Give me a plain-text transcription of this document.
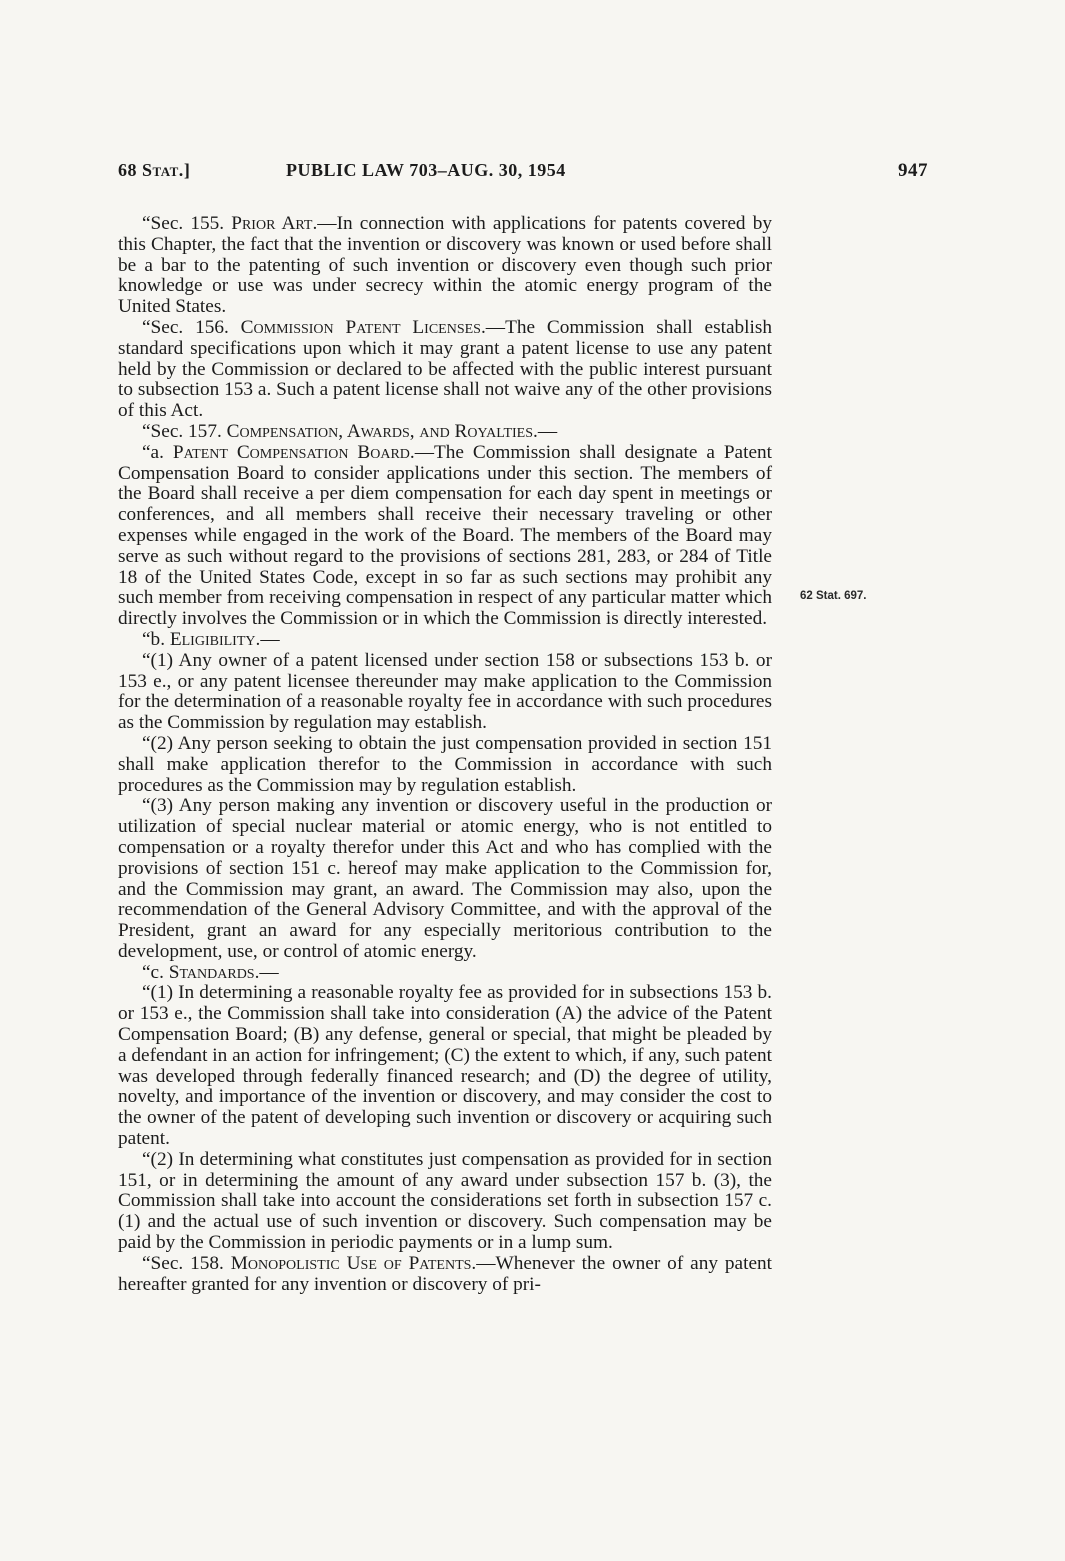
68 Stat.]	PUBLIC LAW 703–AUG. 30, 1954	947

“Sec. 155. Prior Art.—In connection with applications for patents covered by this Chapter, the fact that the invention or discovery was known or used before shall be a bar to the patenting of such invention or discovery even though such prior knowledge or use was under secrecy within the atomic energy program of the United States.

“Sec. 156. Commission Patent Licenses.—The Commission shall establish standard specifications upon which it may grant a patent license to use any patent held by the Commission or declared to be affected with the public interest pursuant to subsection 153 a. Such a patent license shall not waive any of the other provisions of this Act.

“Sec. 157. Compensation, Awards, and Royalties.—

“a. Patent Compensation Board.—The Commission shall designate a Patent Compensation Board to consider applications under this section. The members of the Board shall receive a per diem compensation for each day spent in meetings or conferences, and all members shall receive their necessary traveling or other expenses while engaged in the work of the Board. The members of the Board may serve as such without regard to the provisions of sections 281, 283, or 284 of Title 18 of the United States Code, except in so far as such sections may prohibit any such member from receiving compensation in respect of any particular matter which directly involves the Commission or in which the Commission is directly interested.

“b. Eligibility.—

“(1) Any owner of a patent licensed under section 158 or subsections 153 b. or 153 e., or any patent licensee thereunder may make application to the Commission for the determination of a reasonable royalty fee in accordance with such procedures as the Commission by regulation may establish.

“(2) Any person seeking to obtain the just compensation provided in section 151 shall make application therefor to the Commission in accordance with such procedures as the Commission may by regulation establish.

“(3) Any person making any invention or discovery useful in the production or utilization of special nuclear material or atomic energy, who is not entitled to compensation or a royalty therefor under this Act and who has complied with the provisions of section 151 c. hereof may make application to the Commission for, and the Commission may grant, an award. The Commission may also, upon the recommendation of the General Advisory Committee, and with the approval of the President, grant an award for any especially meritorious contribution to the development, use, or control of atomic energy.

“c. Standards.—

“(1) In determining a reasonable royalty fee as provided for in subsections 153 b. or 153 e., the Commission shall take into consideration (A) the advice of the Patent Compensation Board; (B) any defense, general or special, that might be pleaded by a defendant in an action for infringement; (C) the extent to which, if any, such patent was developed through federally financed research; and (D) the degree of utility, novelty, and importance of the invention or discovery, and may consider the cost to the owner of the patent of developing such invention or discovery or acquiring such patent.

“(2) In determining what constitutes just compensation as provided for in section 151, or in determining the amount of any award under subsection 157 b. (3), the Commission shall take into account the considerations set forth in subsection 157 c. (1) and the actual use of such invention or discovery. Such compensation may be paid by the Commission in periodic payments or in a lump sum.

“Sec. 158. Monopolistic Use of Patents.—Whenever the owner of any patent hereafter granted for any invention or discovery of pri-

62 Stat. 697.
